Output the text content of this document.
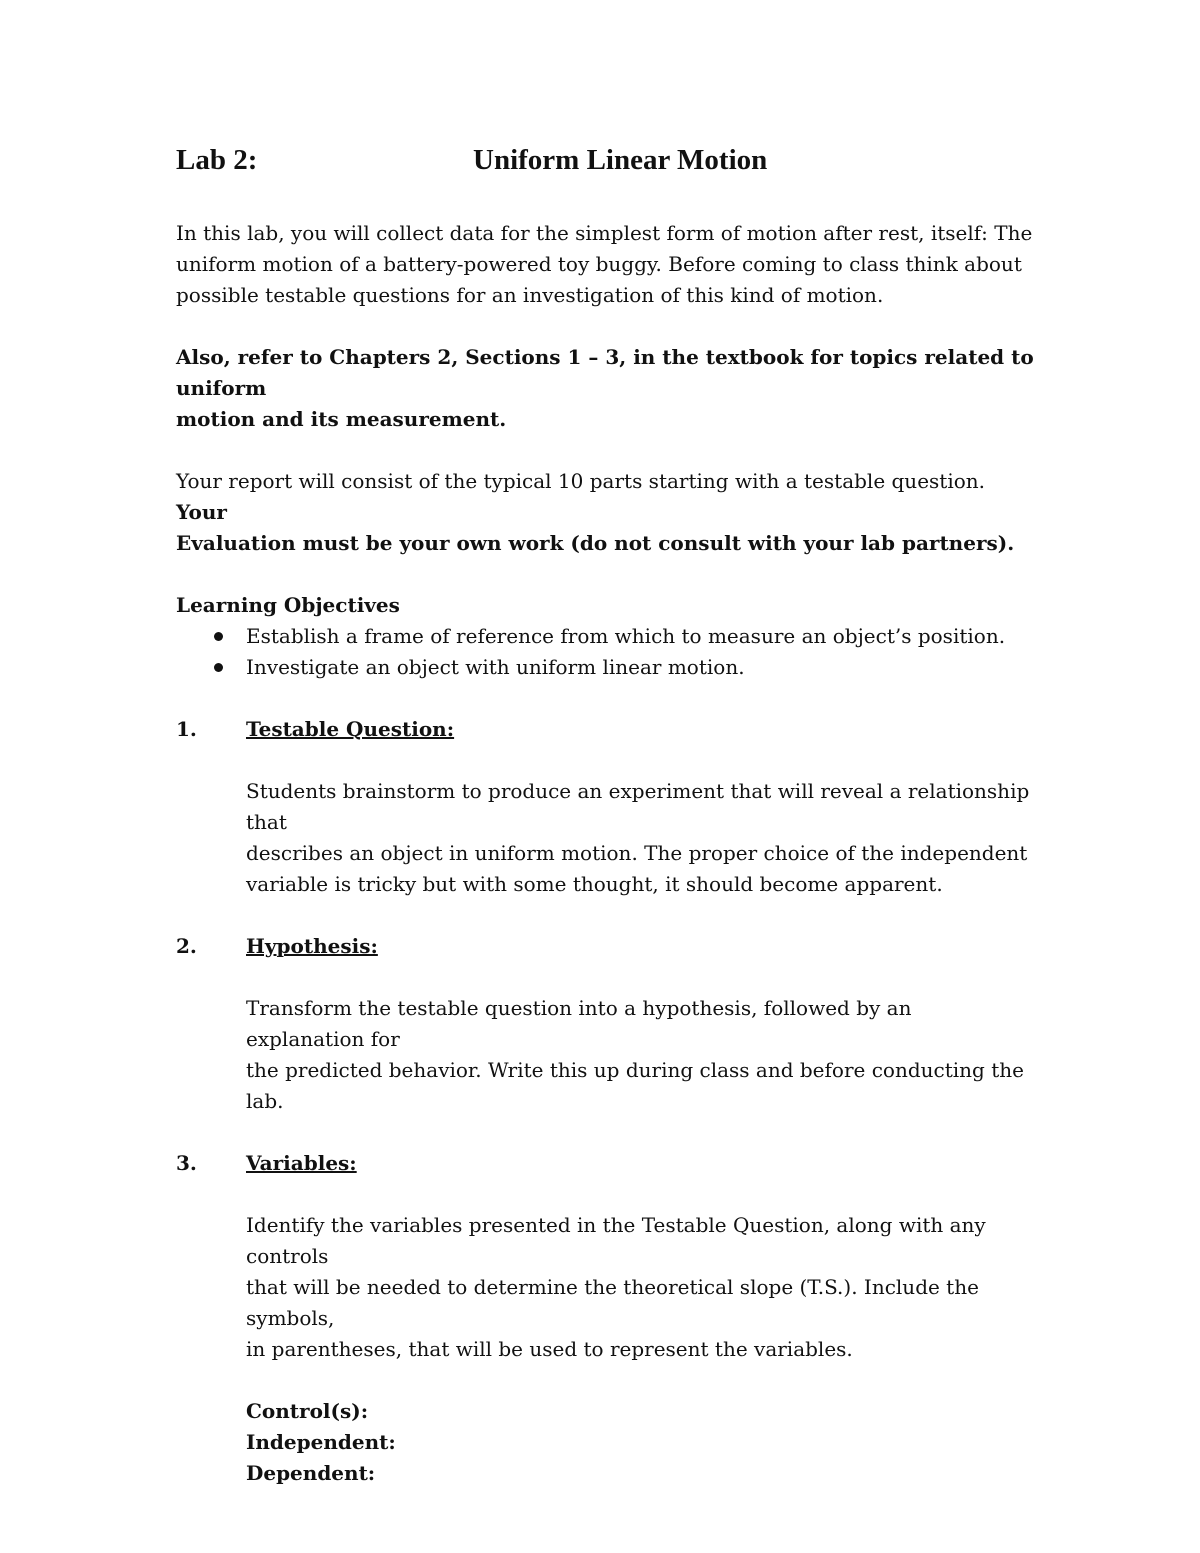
Lab 2:	Uniform Linear Motion

In this lab, you will collect data for the simplest form of motion after rest, itself: The
uniform motion of a battery-powered toy buggy. Before coming to class think about
possible testable questions for an investigation of this kind of motion.

Also, refer to Chapters 2, Sections 1 – 3, in the textbook for topics related to uniform
motion and its measurement.

Your report will consist of the typical 10 parts starting with a testable question. Your
Evaluation must be your own work (do not consult with your lab partners).

Learning Objectives

Establish a frame of reference from which to measure an object’s position.
Investigate an object with uniform linear motion.
1. Testable Question:

Students brainstorm to produce an experiment that will reveal a relationship that
describes an object in uniform motion. The proper choice of the independent
variable is tricky but with some thought, it should become apparent.

2. Hypothesis:

Transform the testable question into a hypothesis, followed by an explanation for
the predicted behavior. Write this up during class and before conducting the lab.

3. Variables:

Identify the variables presented in the Testable Question, along with any controls
that will be needed to determine the theoretical slope (T.S.). Include the symbols,
in parentheses, that will be used to represent the variables.

Control(s):
Independent:
Dependent:
